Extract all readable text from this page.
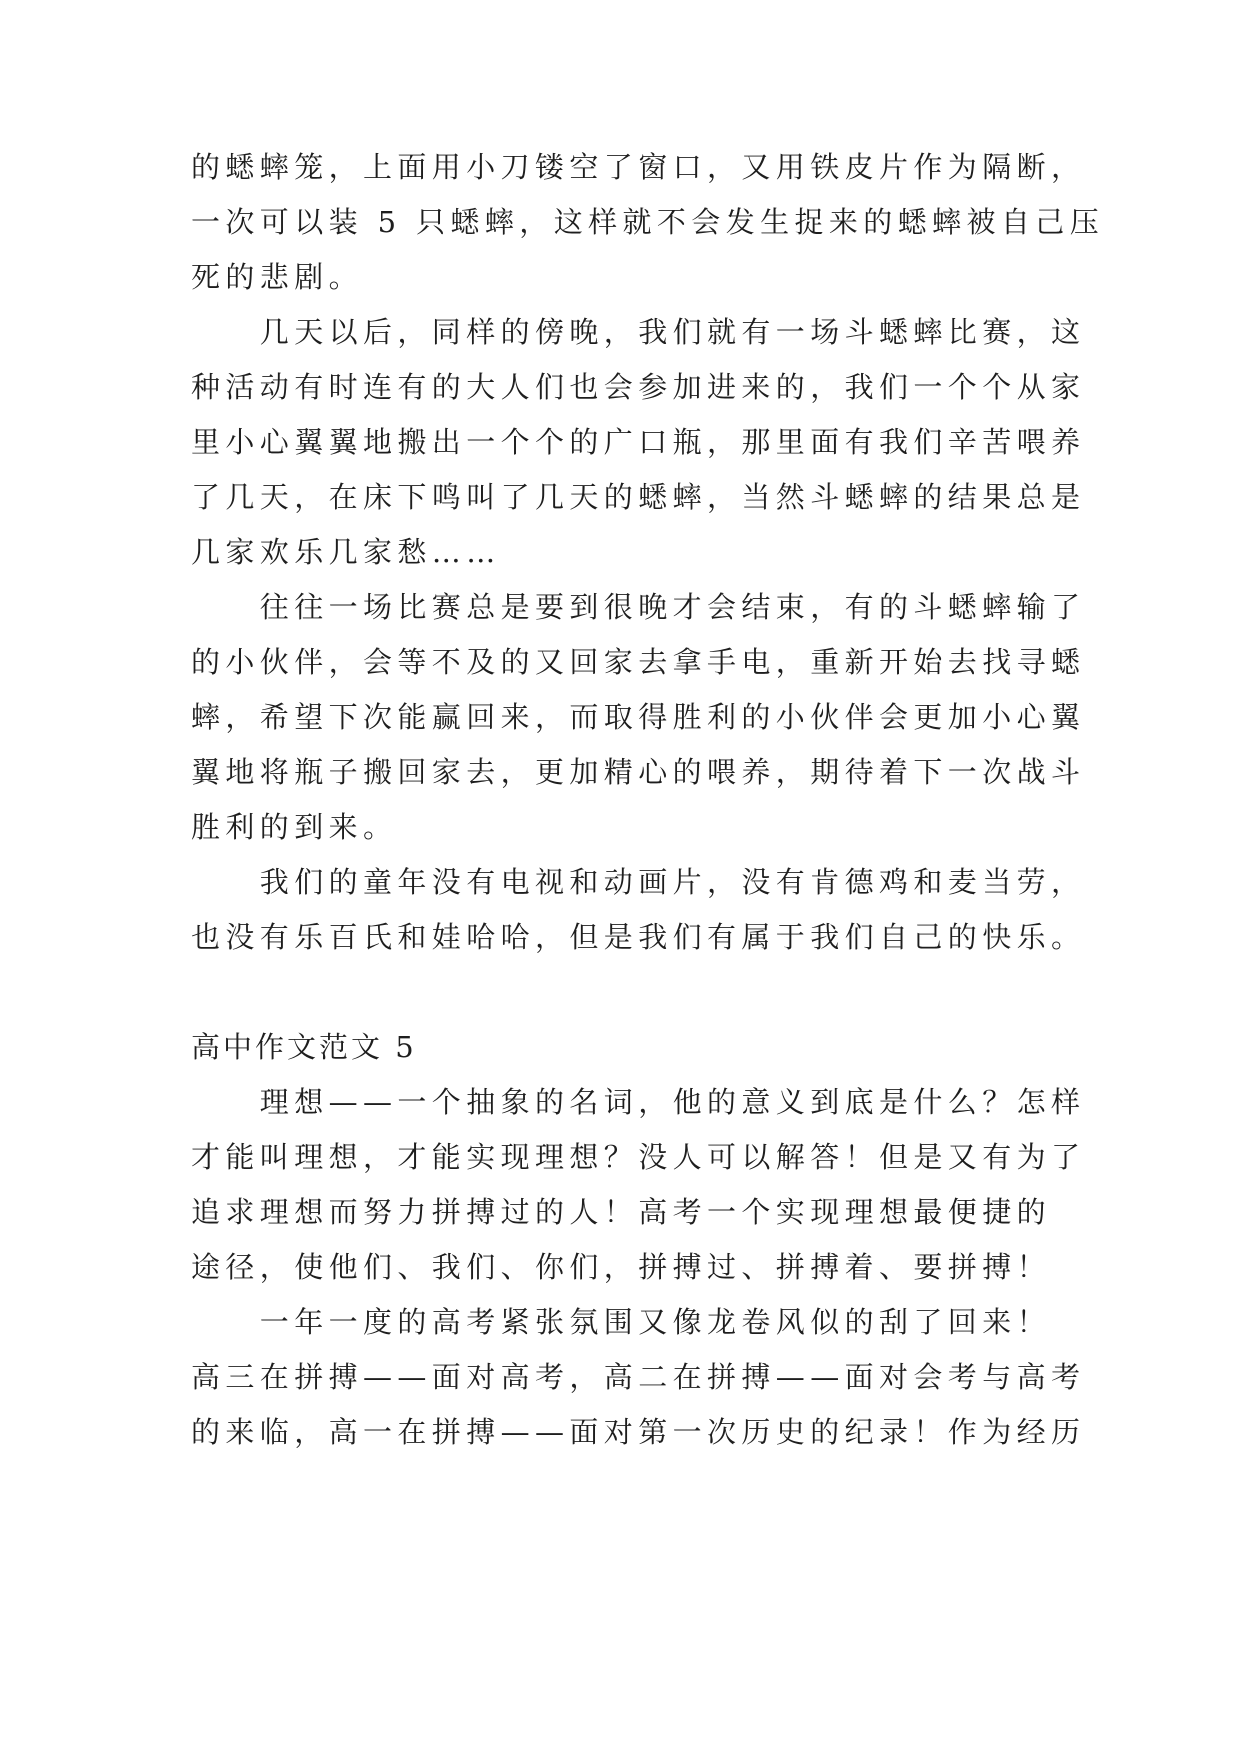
的蟋蟀笼，上面用小刀镂空了窗口，又用铁皮片作为隔断，
一次可以装 5 只蟋蟀，这样就不会发生捉来的蟋蟀被自己压
死的悲剧。
　　几天以后，同样的傍晚，我们就有一场斗蟋蟀比赛，这
种活动有时连有的大人们也会参加进来的，我们一个个从家
里小心翼翼地搬出一个个的广口瓶，那里面有我们辛苦喂养
了几天，在床下鸣叫了几天的蟋蟀，当然斗蟋蟀的结果总是
几家欢乐几家愁……
　　往往一场比赛总是要到很晚才会结束，有的斗蟋蟀输了
的小伙伴，会等不及的又回家去拿手电，重新开始去找寻蟋
蟀，希望下次能赢回来，而取得胜利的小伙伴会更加小心翼
翼地将瓶子搬回家去，更加精心的喂养，期待着下一次战斗
胜利的到来。
　　我们的童年没有电视和动画片，没有肯德鸡和麦当劳，
也没有乐百氏和娃哈哈，但是我们有属于我们自己的快乐。
高中作文范文 5
　　理想——一个抽象的名词，他的意义到底是什么？怎样
才能叫理想，才能实现理想？没人可以解答！但是又有为了
追求理想而努力拼搏过的人！高考一个实现理想最便捷的
途径，使他们、我们、你们，拼搏过、拼搏着、要拼搏！
　　一年一度的高考紧张氛围又像龙卷风似的刮了回来！
高三在拼搏——面对高考，高二在拼搏——面对会考与高考
的来临，高一在拼搏——面对第一次历史的纪录！作为经历
